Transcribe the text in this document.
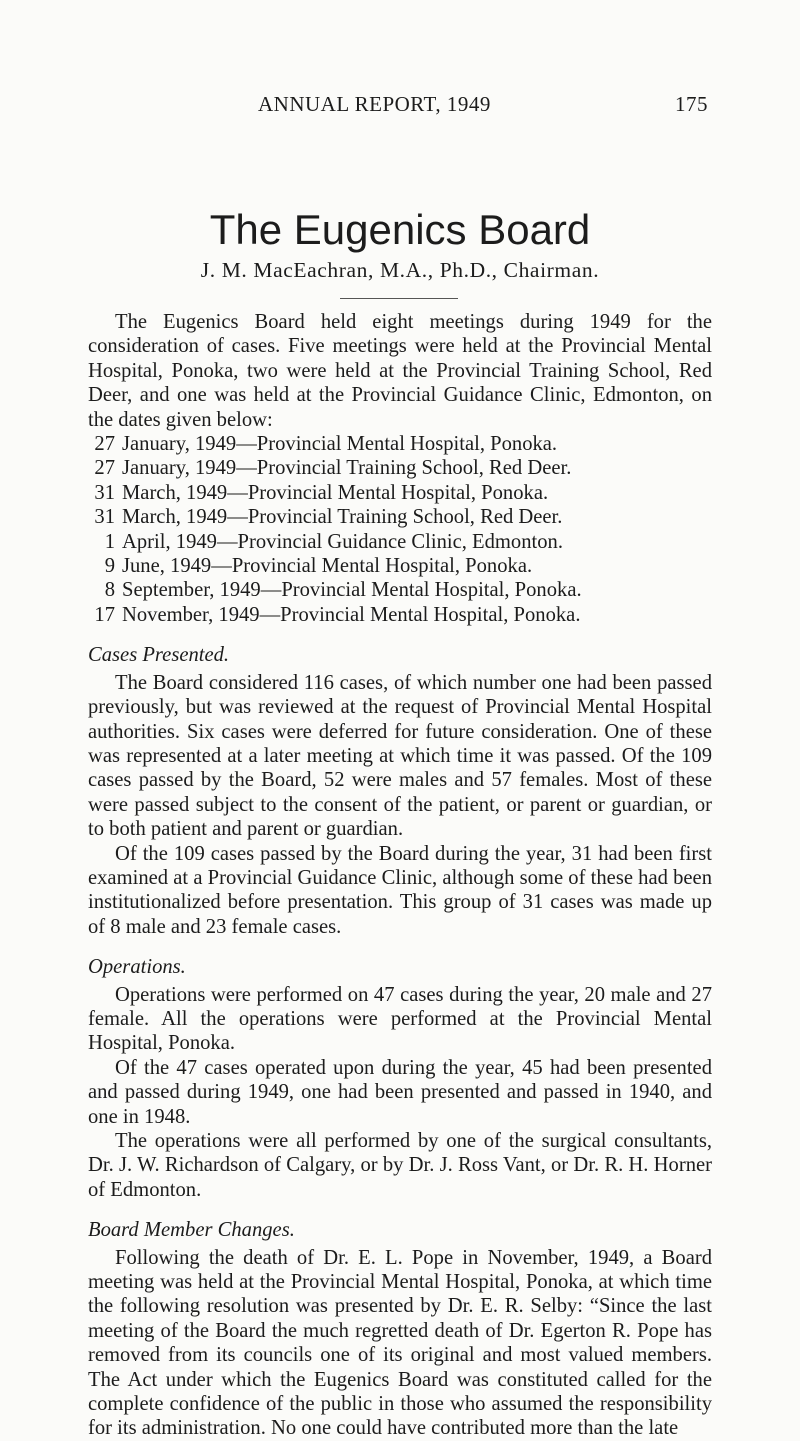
ANNUAL REPORT, 1949	175
The Eugenics Board
J. M. MacEachran, M.A., Ph.D., Chairman.

The Eugenics Board held eight meetings during 1949 for the consideration of cases. Five meetings were held at the Provincial Mental Hospital, Ponoka, two were held at the Provincial Training School, Red Deer, and one was held at the Provincial Guidance Clinic, Edmonton, on the dates given below:

27 January, 1949—Provincial Mental Hospital, Ponoka.
27 January, 1949—Provincial Training School, Red Deer.
31 March, 1949—Provincial Mental Hospital, Ponoka.
31 March, 1949—Provincial Training School, Red Deer.
1 April, 1949—Provincial Guidance Clinic, Edmonton.
9 June, 1949—Provincial Mental Hospital, Ponoka.
8 September, 1949—Provincial Mental Hospital, Ponoka.
17 November, 1949—Provincial Mental Hospital, Ponoka.
Cases Presented.

The Board considered 116 cases, of which number one had been passed previously, but was reviewed at the request of Provincial Mental Hospital authorities. Six cases were deferred for future consideration. One of these was represented at a later meeting at which time it was passed. Of the 109 cases passed by the Board, 52 were males and 57 females. Most of these were passed subject to the consent of the patient, or parent or guardian, or to both patient and parent or guardian.

Of the 109 cases passed by the Board during the year, 31 had been first examined at a Provincial Guidance Clinic, although some of these had been institutionalized before presentation. This group of 31 cases was made up of 8 male and 23 female cases.

Operations.

Operations were performed on 47 cases during the year, 20 male and 27 female. All the operations were performed at the Provincial Mental Hospital, Ponoka.

Of the 47 cases operated upon during the year, 45 had been presented and passed during 1949, one had been presented and passed in 1940, and one in 1948.

The operations were all performed by one of the surgical consultants, Dr. J. W. Richardson of Calgary, or by Dr. J. Ross Vant, or Dr. R. H. Horner of Edmonton.

Board Member Changes.

Following the death of Dr. E. L. Pope in November, 1949, a Board meeting was held at the Provincial Mental Hospital, Ponoka, at which time the following resolution was presented by Dr. E. R. Selby: “Since the last meeting of the Board the much regretted death of Dr. Egerton R. Pope has removed from its councils one of its original and most valued members. The Act under which the Eugenics Board was constituted called for the complete confidence of the public in those who assumed the responsibility for its administration. No one could have contributed more than the late
